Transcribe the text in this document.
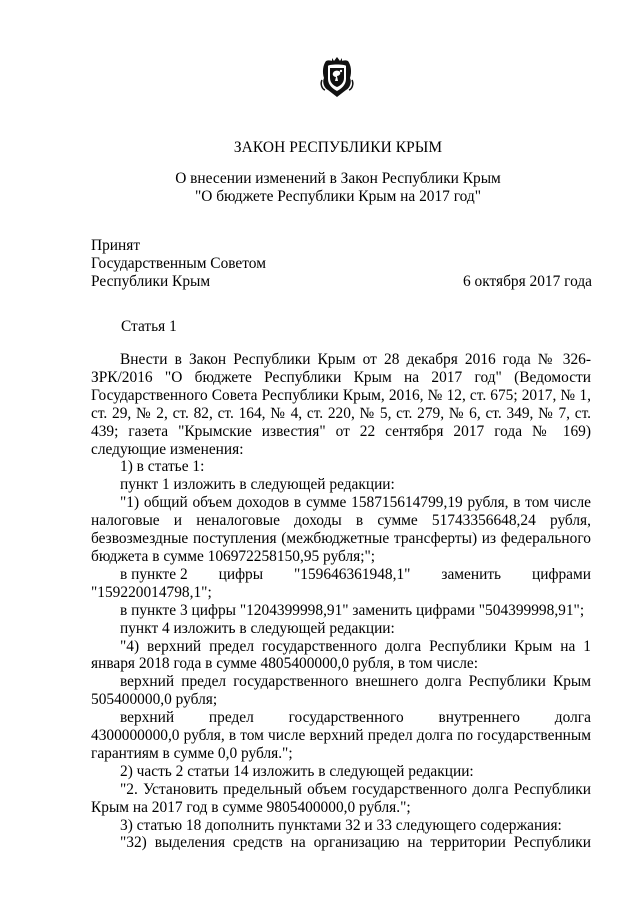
ЗАКОН РЕСПУБЛИКИ КРЫМ
О внесении изменений в Закон Республики Крым
"О бюджете Республики Крым на 2017 год"
Принят
Государственным Советом
Республики Крым	6 октября 2017 года
Статья 1

Внести в Закон Республики Крым от 28 декабря 2016 года № 326-ЗРК/2016 "О бюджете Республики Крым на 2017 год" (Ведомости Государственного Совета Республики Крым, 2016, № 12, ст. 675; 2017, № 1, ст. 29, № 2, ст. 82, ст. 164, № 4, ст. 220, № 5, ст. 279, № 6, ст. 349, № 7, ст. 439; газета "Крымские известия" от 22 сентября 2017 года № 169) следующие изменения:

1) в статье 1:

пункт 1 изложить в следующей редакции:

"1) общий объем доходов в сумме 158715614799,19 рубля, в том числе налоговые и неналоговые доходы в сумме 51743356648,24 рубля, безвозмездные поступления (межбюджетные трансферты) из федерального бюджета в сумме 106972258150,95 рубля;";

в пункте 2 цифры "159646361948,1" заменить цифрами
"159220014798,1";

в пункте 3 цифры "1204399998,91" заменить цифрами "504399998,91";

пункт 4 изложить в следующей редакции:

"4) верхний предел государственного долга Республики Крым на 1 января 2018 года в сумме 4805400000,0 рубля, в том числе:

верхний предел государственного внешнего долга Республики Крым 505400000,0 рубля;

верхний предел государственного внутреннего долга
4300000000,0 рубля, в том числе верхний предел долга по государственным гарантиям в сумме 0,0 рубля.";

2) часть 2 статьи 14 изложить в следующей редакции:

"2. Установить предельный объем государственного долга Республики Крым на 2017 год в сумме 9805400000,0 рубля.";

3) статью 18 дополнить пунктами 32 и 33 следующего содержания:

"32) выделения средств на организацию на территории Республики
